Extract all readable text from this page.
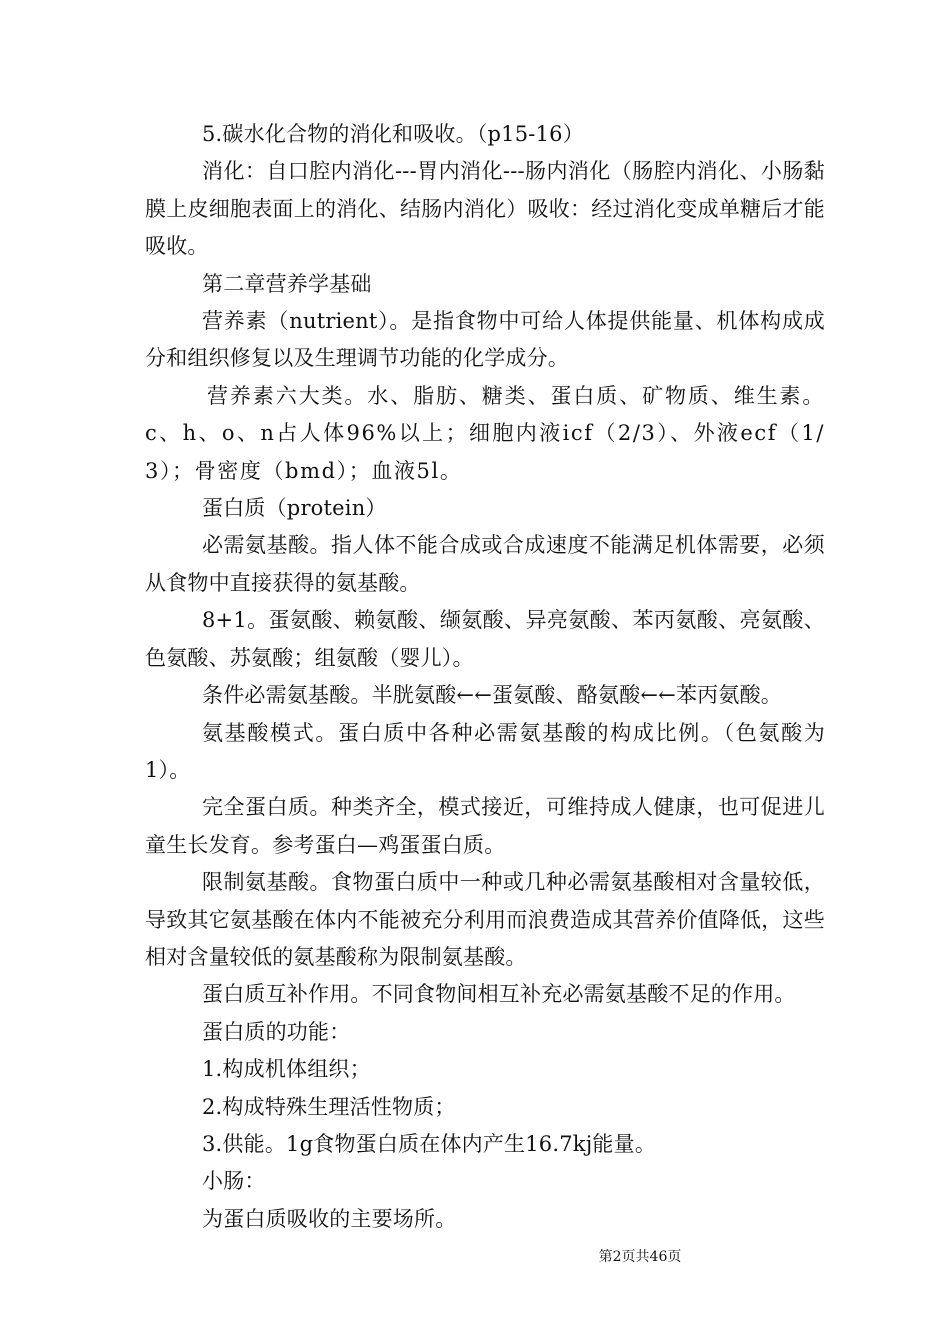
5.碳水化合物的消化和吸收。（p15-16）

消化：自口腔内消化---胃内消化---肠内消化（肠腔内消化、小肠黏膜上皮细胞表面上的消化、结肠内消化）吸收：经过消化变成单糖后才能吸收。

第二章营养学基础

营养素（nutrient）。是指食物中可给人体提供能量、机体构成成分和组织修复以及生理调节功能的化学成分。

营养素六大类。水、脂肪、糖类、蛋白质、矿物质、维生素。c、h、o、n占人体96%以上；细胞内液icf（2/3）、外液ecf（1/3）；骨密度（bmd）；血液5l。

蛋白质（protein）

必需氨基酸。指人体不能合成或合成速度不能满足机体需要，必须从食物中直接获得的氨基酸。

8+1。蛋氨酸、赖氨酸、缬氨酸、异亮氨酸、苯丙氨酸、亮氨酸、色氨酸、苏氨酸；组氨酸（婴儿）。

条件必需氨基酸。半胱氨酸←←蛋氨酸、酪氨酸←←苯丙氨酸。

氨基酸模式。蛋白质中各种必需氨基酸的构成比例。（色氨酸为1）。

完全蛋白质。种类齐全，模式接近，可维持成人健康，也可促进儿童生长发育。参考蛋白—鸡蛋蛋白质。

限制氨基酸。食物蛋白质中一种或几种必需氨基酸相对含量较低，导致其它氨基酸在体内不能被充分利用而浪费造成其营养价值降低，这些相对含量较低的氨基酸称为限制氨基酸。

蛋白质互补作用。不同食物间相互补充必需氨基酸不足的作用。

蛋白质的功能：

1.构成机体组织；

2.构成特殊生理活性物质；

3.供能。1g食物蛋白质在体内产生16.7kj能量。

小肠：

为蛋白质吸收的主要场所。

第2页共46页
